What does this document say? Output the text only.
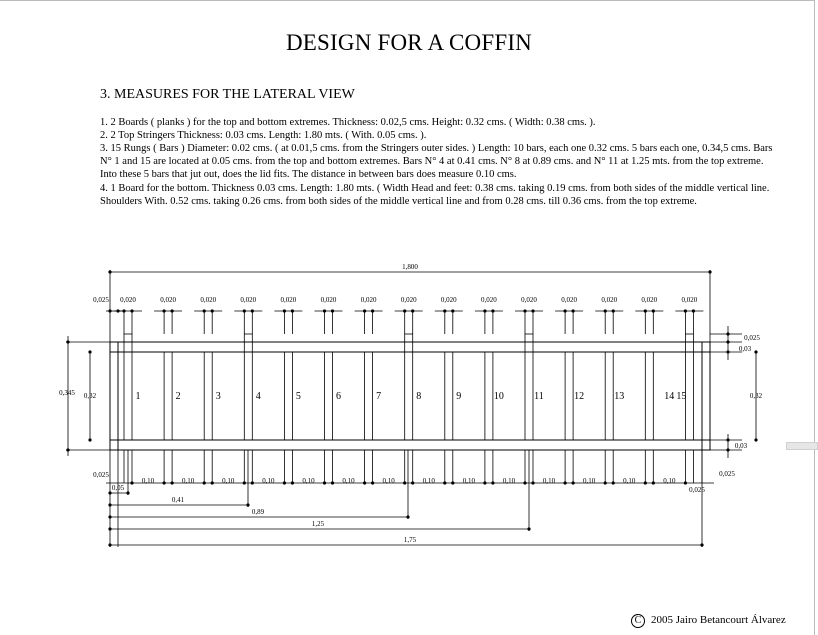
DESIGN FOR A COFFIN
3. MEASURES FOR THE LATERAL VIEW
1. 2 Boards ( planks ) for the top and bottom extremes. Thickness: 0.02,5 cms. Height: 0.32 cms. ( Width: 0.38 cms. ).
2. 2 Top Stringers Thickness: 0.03 cms. Length: 1.80 mts. ( With. 0.05 cms. ).
3. 15 Rungs ( Bars ) Diameter: 0.02 cms. ( at 0.01,5 cms. from the Stringers outer sides. ) Length: 10 bars, each one 0.32 cms. 5 bars each one, 0.34,5 cms. Bars N° 1 and 15 are located at 0.05 cms. from the top and bottom extremes. Bars N° 4 at 0.41 cms. N° 8 at 0.89 cms. and N° 11 at 1.25 mts. from the top extreme. Into these 5 bars that jut out, does the lid fits. The distance in between bars does measure 0.10 cms.
4. 1 Board for the bottom. Thickness 0.03 cms. Length: 1.80 mts. ( Width Head and feet: 0.38 cms. taking 0.19 cms. from both sides of the middle vertical line. Shoulders With. 0.52 cms. taking 0.26 cms. from both sides of the middle vertical line and from 0.28 cms. till 0.36 cms. from the top extreme.
1
0,020
2
0,020
3
0,020
4
0,020
5
0,020
6
0,020
7
0,020
8
0,020
9
0,020
10
0,020
11
0,020
12
0,020
13
0,020
14
0,020
15
0,020
1,800
0,025
0,10	0,10	0,10	0,10	0,10	0,10	0,10	0,10	0,10	0,10	0,10	0,10	0,10	0,10
0,025	0,025
0,025
0,05
0,41
0,89
1,25
1,75
0,345 0,32
0,025
0,03
0,32
0,03
C 2005 Jairo Betancourt Álvarez
